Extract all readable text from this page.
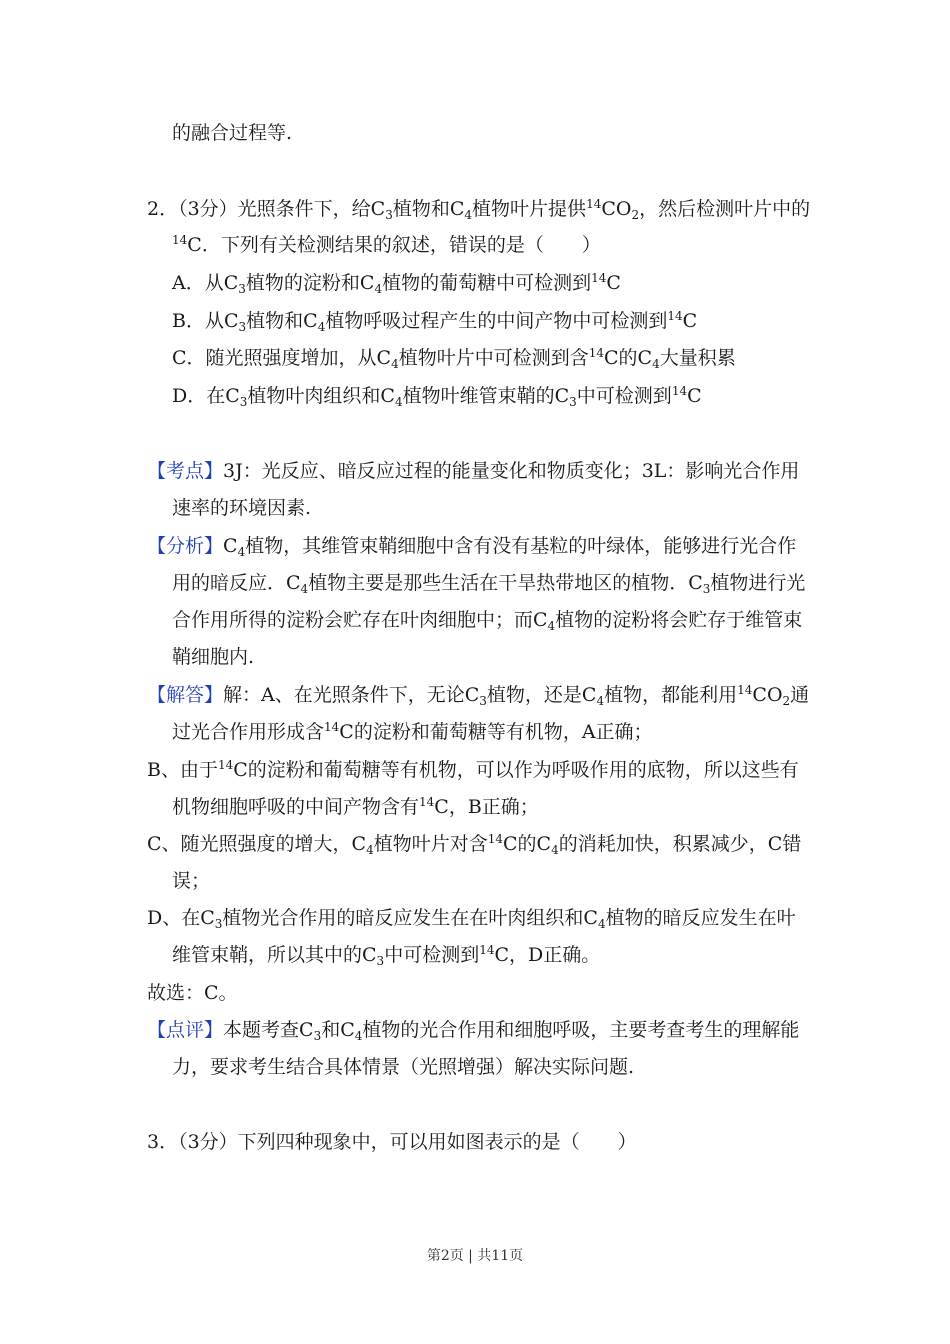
的融合过程等.
2．（3分）光照条件下，给$C_3$植物和$C_4$植物叶片提供$^{14}CO_2$，然后检测叶片中的
$^{14}$C．下列有关检测结果的叙述，错误的是（　　）
A．从$C_3$植物的淀粉和$C_4$植物的葡萄糖中可检测到$^{14}$C
B．从$C_3$植物和$C_4$植物呼吸过程产生的中间产物中可检测到$^{14}$C
C．随光照强度增加，从$C_4$植物叶片中可检测到含$^{14}$C的$C_4$大量积累
D．在$C_3$植物叶肉组织和$C_4$植物叶维管束鞘的$C_3$中可检测到$^{14}$C
【考点】3J：光反应、暗反应过程的能量变化和物质变化；3L：影响光合作用
速率的环境因素.
【分析】$C_4$植物，其维管束鞘细胞中含有没有基粒的叶绿体，能够进行光合作
用的暗反应．$C_4$植物主要是那些生活在干旱热带地区的植物．$C_3$植物进行光
合作用所得的淀粉会贮存在叶肉细胞中；而$C_4$植物的淀粉将会贮存于维管束
鞘细胞内.
【解答】解：A、在光照条件下，无论$C_3$植物，还是$C_4$植物，都能利用$^{14}CO_2$通
过光合作用形成含$^{14}$C的淀粉和葡萄糖等有机物，A正确；
B、由于$^{14}$C的淀粉和葡萄糖等有机物，可以作为呼吸作用的底物，所以这些有
机物细胞呼吸的中间产物含有$^{14}$C，B正确；
C、随光照强度的增大，$C_4$植物叶片对含$^{14}$C的$C_4$的消耗加快，积累减少，C错
误；
D、在$C_3$植物光合作用的暗反应发生在在叶肉组织和$C_4$植物的暗反应发生在叶
维管束鞘，所以其中的$C_3$中可检测到$^{14}$C，D正确。
故选：C。
【点评】本题考查$C_3$和$C_4$植物的光合作用和细胞呼吸，主要考查考生的理解能
力，要求考生结合具体情景（光照增强）解决实际问题.
3．（3分）下列四种现象中，可以用如图表示的是（　　）
第2页 | 共11页
